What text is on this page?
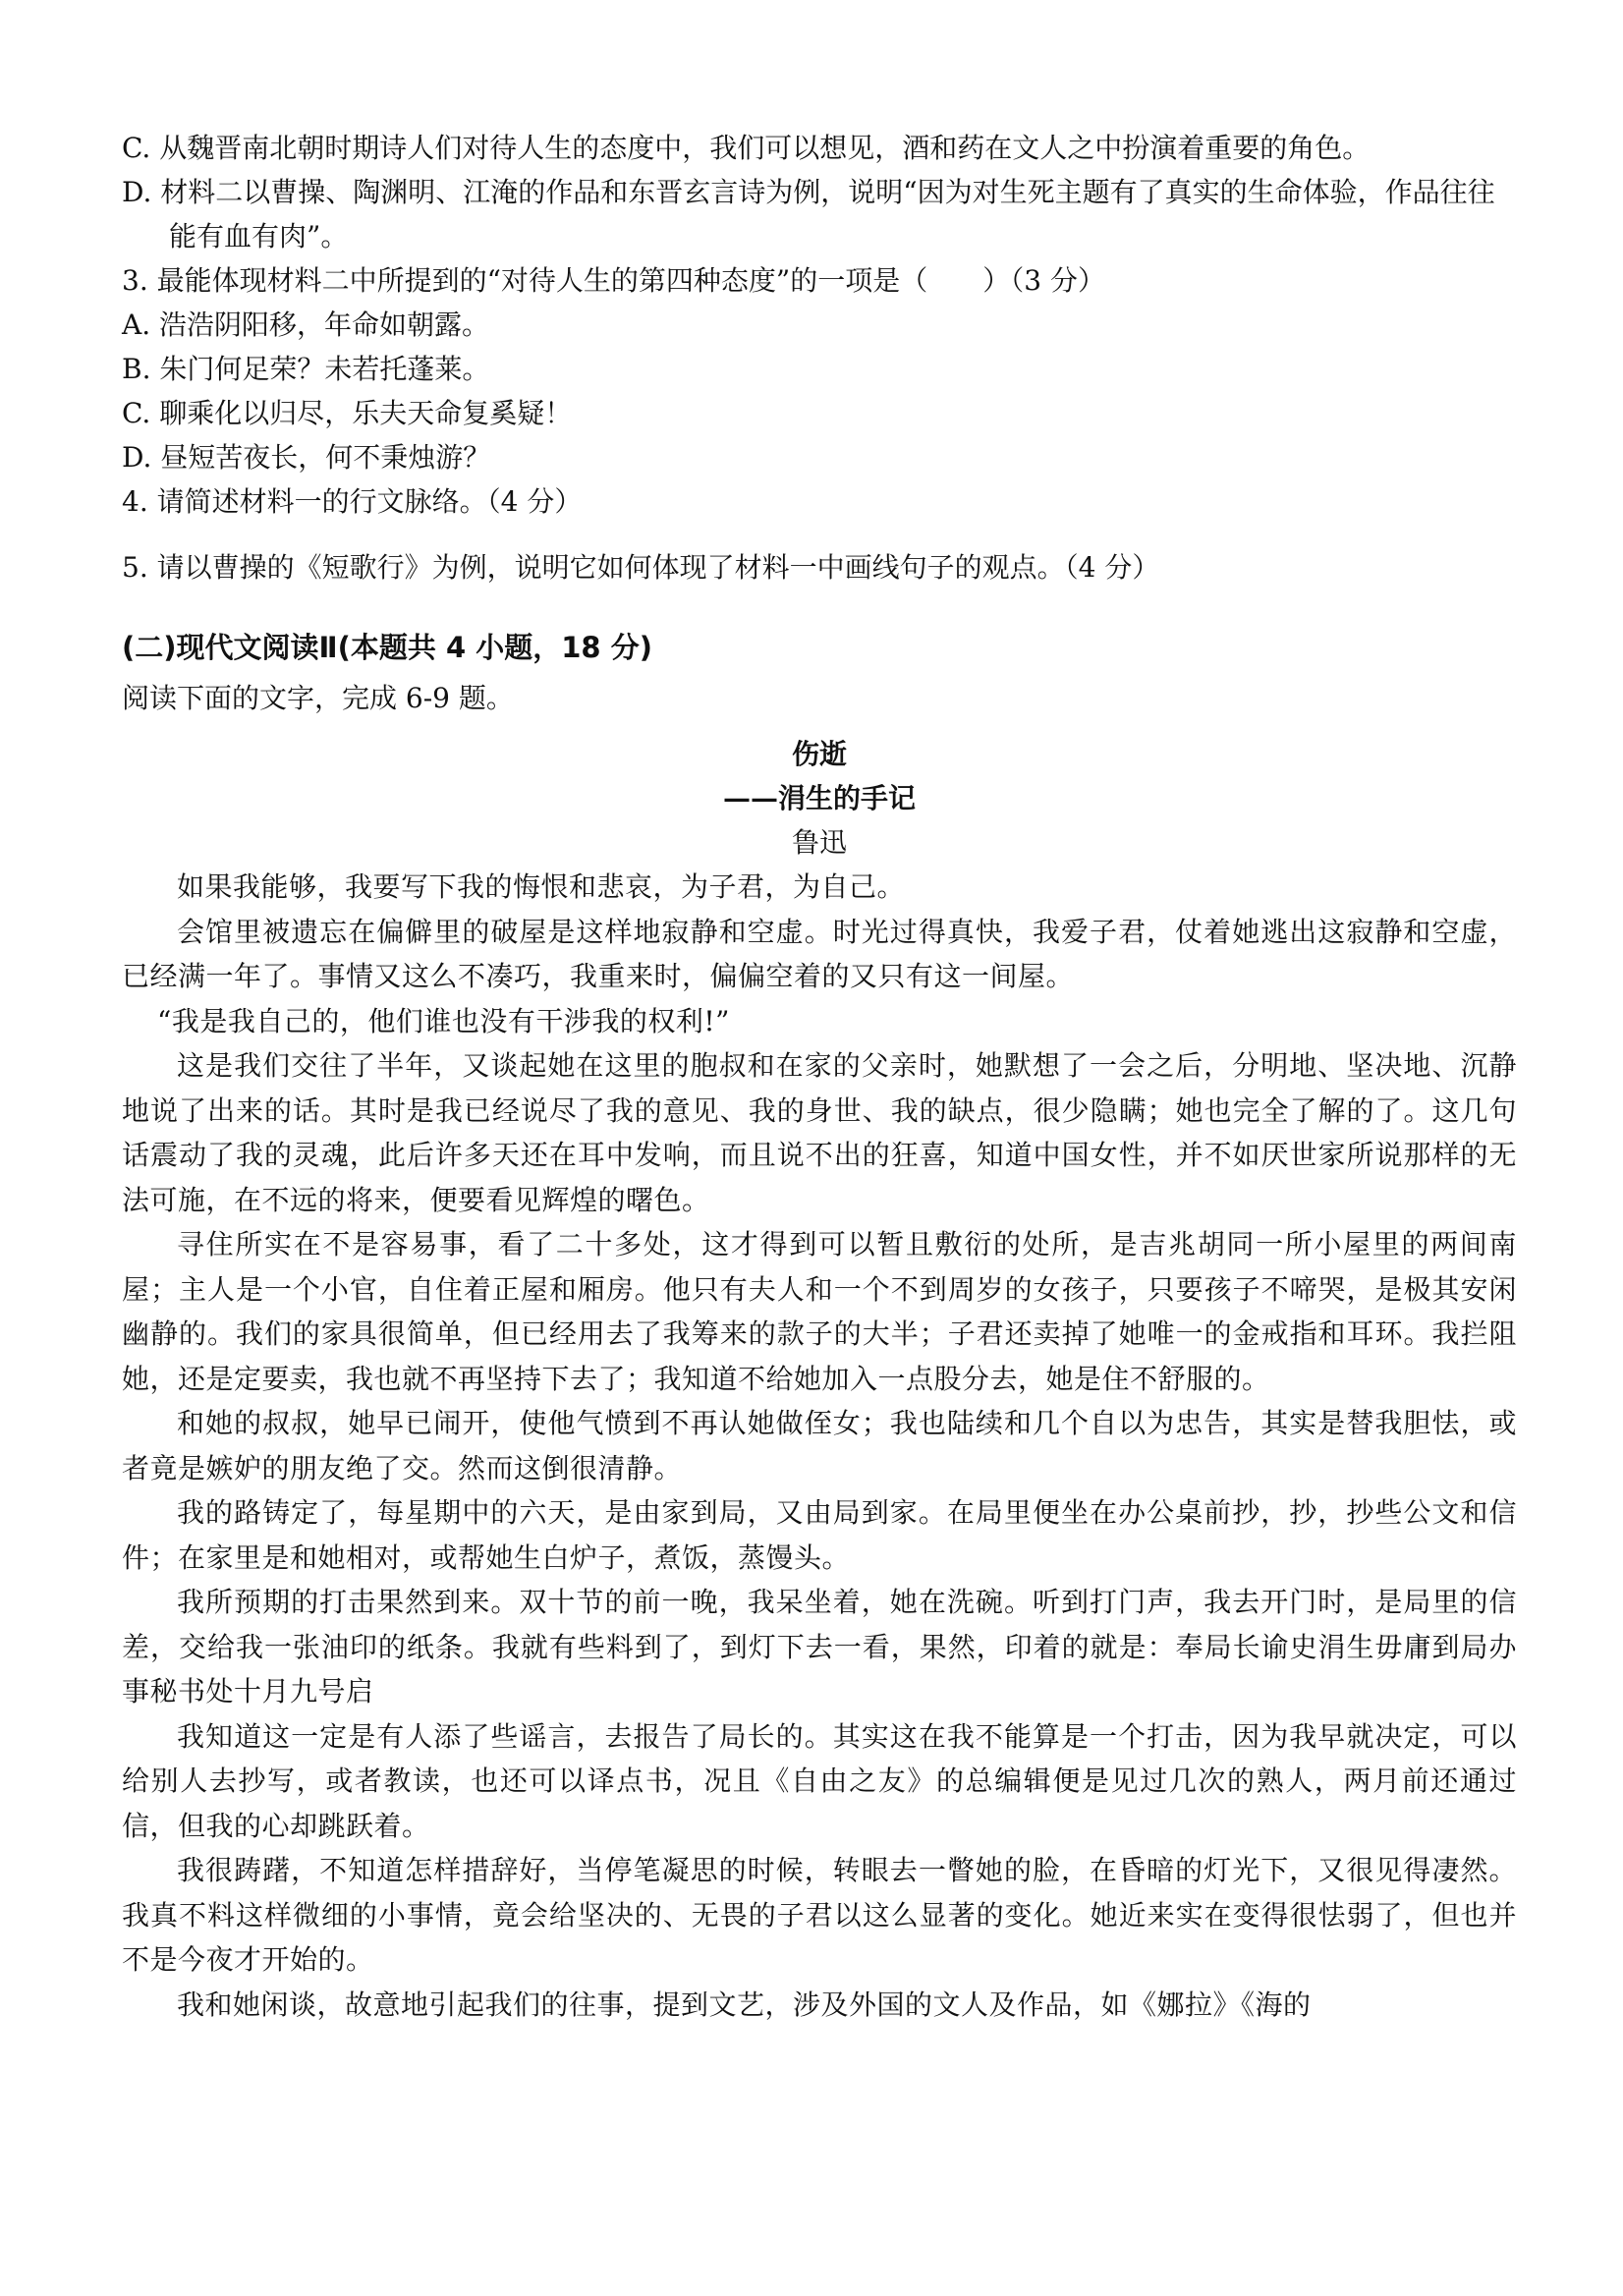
C. 从魏晋南北朝时期诗人们对待人生的态度中，我们可以想见，酒和药在文人之中扮演着重要的角色。
D. 材料二以曹操、陶渊明、江淹的作品和东晋玄言诗为例，说明“因为对生死主题有了真实的生命体验，作品往往能有血有肉”。
3. 最能体现材料二中所提到的“对待人生的第四种态度”的一项是（　　）（3 分）
A. 浩浩阴阳移，年命如朝露。
B. 朱门何足荣？未若托蓬莱。
C. 聊乘化以归尽，乐夫天命复奚疑！
D. 昼短苦夜长，何不秉烛游？
4. 请简述材料一的行文脉络。（4 分）
5. 请以曹操的《短歌行》为例，说明它如何体现了材料一中画线句子的观点。（4 分）
(二)现代文阅读Ⅱ(本题共 4 小题，18 分)
阅读下面的文字，完成 6-9 题。
伤逝
——涓生的手记
鲁迅
如果我能够，我要写下我的悔恨和悲哀，为子君，为自己。
会馆里被遗忘在偏僻里的破屋是这样地寂静和空虚。时光过得真快，我爱子君，仗着她逃出这寂静和空虚，已经满一年了。事情又这么不凑巧，我重来时，偏偏空着的又只有这一间屋。
“我是我自己的，他们谁也没有干涉我的权利!”
这是我们交往了半年，又谈起她在这里的胞叔和在家的父亲时，她默想了一会之后，分明地、坚决地、沉静地说了出来的话。其时是我已经说尽了我的意见、我的身世、我的缺点，很少隐瞒；她也完全了解的了。这几句话震动了我的灵魂，此后许多天还在耳中发响，而且说不出的狂喜，知道中国女性，并不如厌世家所说那样的无法可施，在不远的将来，便要看见辉煌的曙色。
寻住所实在不是容易事，看了二十多处，这才得到可以暂且敷衍的处所，是吉兆胡同一所小屋里的两间南屋；主人是一个小官，自住着正屋和厢房。他只有夫人和一个不到周岁的女孩子，只要孩子不啼哭，是极其安闲幽静的。我们的家具很简单，但已经用去了我筹来的款子的大半；子君还卖掉了她唯一的金戒指和耳环。我拦阻她，还是定要卖，我也就不再坚持下去了；我知道不给她加入一点股分去，她是住不舒服的。
和她的叔叔，她早已闹开，使他气愤到不再认她做侄女；我也陆续和几个自以为忠告，其实是替我胆怯，或者竟是嫉妒的朋友绝了交。然而这倒很清静。
我的路铸定了，每星期中的六天，是由家到局，又由局到家。在局里便坐在办公桌前抄，抄，抄些公文和信件；在家里是和她相对，或帮她生白炉子，煮饭，蒸馒头。
我所预期的打击果然到来。双十节的前一晚，我呆坐着，她在洗碗。听到打门声，我去开门时，是局里的信差，交给我一张油印的纸条。我就有些料到了，到灯下去一看，果然，印着的就是：奉局长谕史涓生毋庸到局办事秘书处十月九号启
我知道这一定是有人添了些谣言，去报告了局长的。其实这在我不能算是一个打击，因为我早就决定，可以给别人去抄写，或者教读，也还可以译点书，况且《自由之友》的总编辑便是见过几次的熟人，两月前还通过信，但我的心却跳跃着。
我很踌躇，不知道怎样措辞好，当停笔凝思的时候，转眼去一瞥她的脸，在昏暗的灯光下，又很见得凄然。我真不料这样微细的小事情，竟会给坚决的、无畏的子君以这么显著的变化。她近来实在变得很怯弱了，但也并不是今夜才开始的。
我和她闲谈，故意地引起我们的往事，提到文艺，涉及外国的文人及作品，如《娜拉》《海的
